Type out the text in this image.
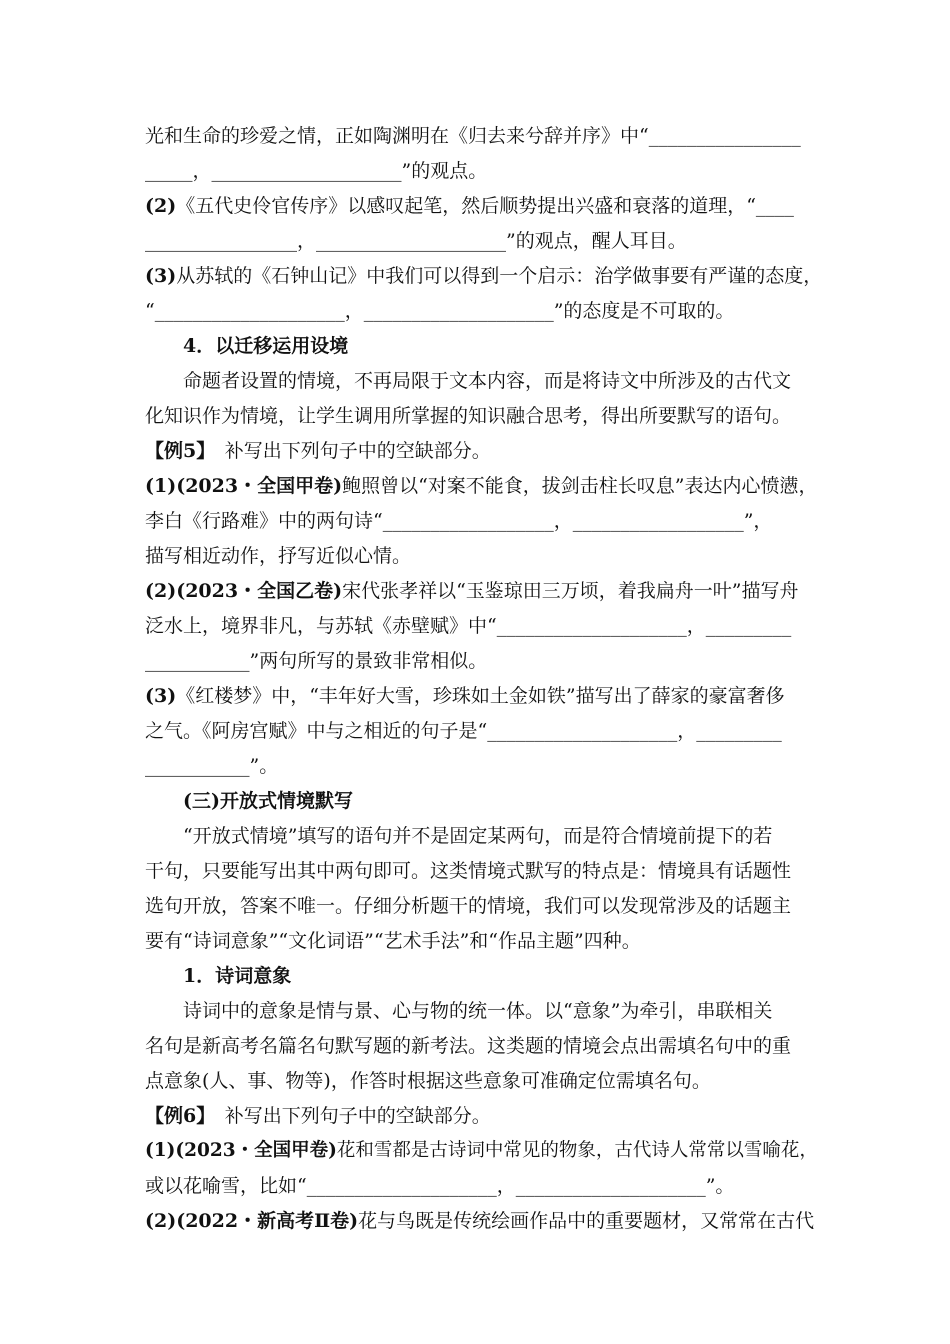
光和生命的珍爱之情，正如陶渊明在《归去来兮辞并序》中“________________
_____，____________________”的观点。
(2)《五代史伶官传序》以感叹起笔，然后顺势提出兴盛和衰落的道理，“____
________________，____________________”的观点，醒人耳目。
(3)从苏轼的《石钟山记》中我们可以得到一个启示：治学做事要有严谨的态度，
“____________________，____________________”的态度是不可取的。
4．以迁移运用设境
命题者设置的情境，不再局限于文本内容，而是将诗文中所涉及的古代文
化知识作为情境，让学生调用所掌握的知识融合思考，得出所要默写的语句。
【例5】　补写出下列句子中的空缺部分。
(1)(2023・全国甲卷)鲍照曾以“对案不能食，拔剑击柱长叹息”表达内心愤懑，
李白《行路难》中的两句诗“__________________，__________________”，
描写相近动作，抒写近似心情。
(2)(2023・全国乙卷)宋代张孝祥以“玉鉴琼田三万顷，着我扁舟一叶”描写舟
泛水上，境界非凡，与苏轼《赤壁赋》中“____________________，_________
___________”两句所写的景致非常相似。
(3)《红楼梦》中，“丰年好大雪，珍珠如土金如铁”描写出了薛家的豪富奢侈
之气。《阿房宫赋》中与之相近的句子是“____________________，_________
___________”。
(三)开放式情境默写
“开放式情境”填写的语句并不是固定某两句，而是符合情境前提下的若
干句，只要能写出其中两句即可。这类情境式默写的特点是：情境具有话题性
选句开放，答案不唯一。仔细分析题干的情境，我们可以发现常涉及的话题主
要有“诗词意象”“文化词语”“艺术手法”和“作品主题”四种。
1．诗词意象
诗词中的意象是情与景、心与物的统一体。以“意象”为牵引，串联相关
名句是新高考名篇名句默写题的新考法。这类题的情境会点出需填名句中的重
点意象(人、事、物等)，作答时根据这些意象可准确定位需填名句。
【例6】　补写出下列句子中的空缺部分。
(1)(2023・全国甲卷)花和雪都是古诗词中常见的物象，古代诗人常常以雪喻花，
或以花喻雪，比如“____________________，____________________”。
(2)(2022・新高考Ⅱ卷)花与鸟既是传统绘画作品中的重要题材，又常常在古代
